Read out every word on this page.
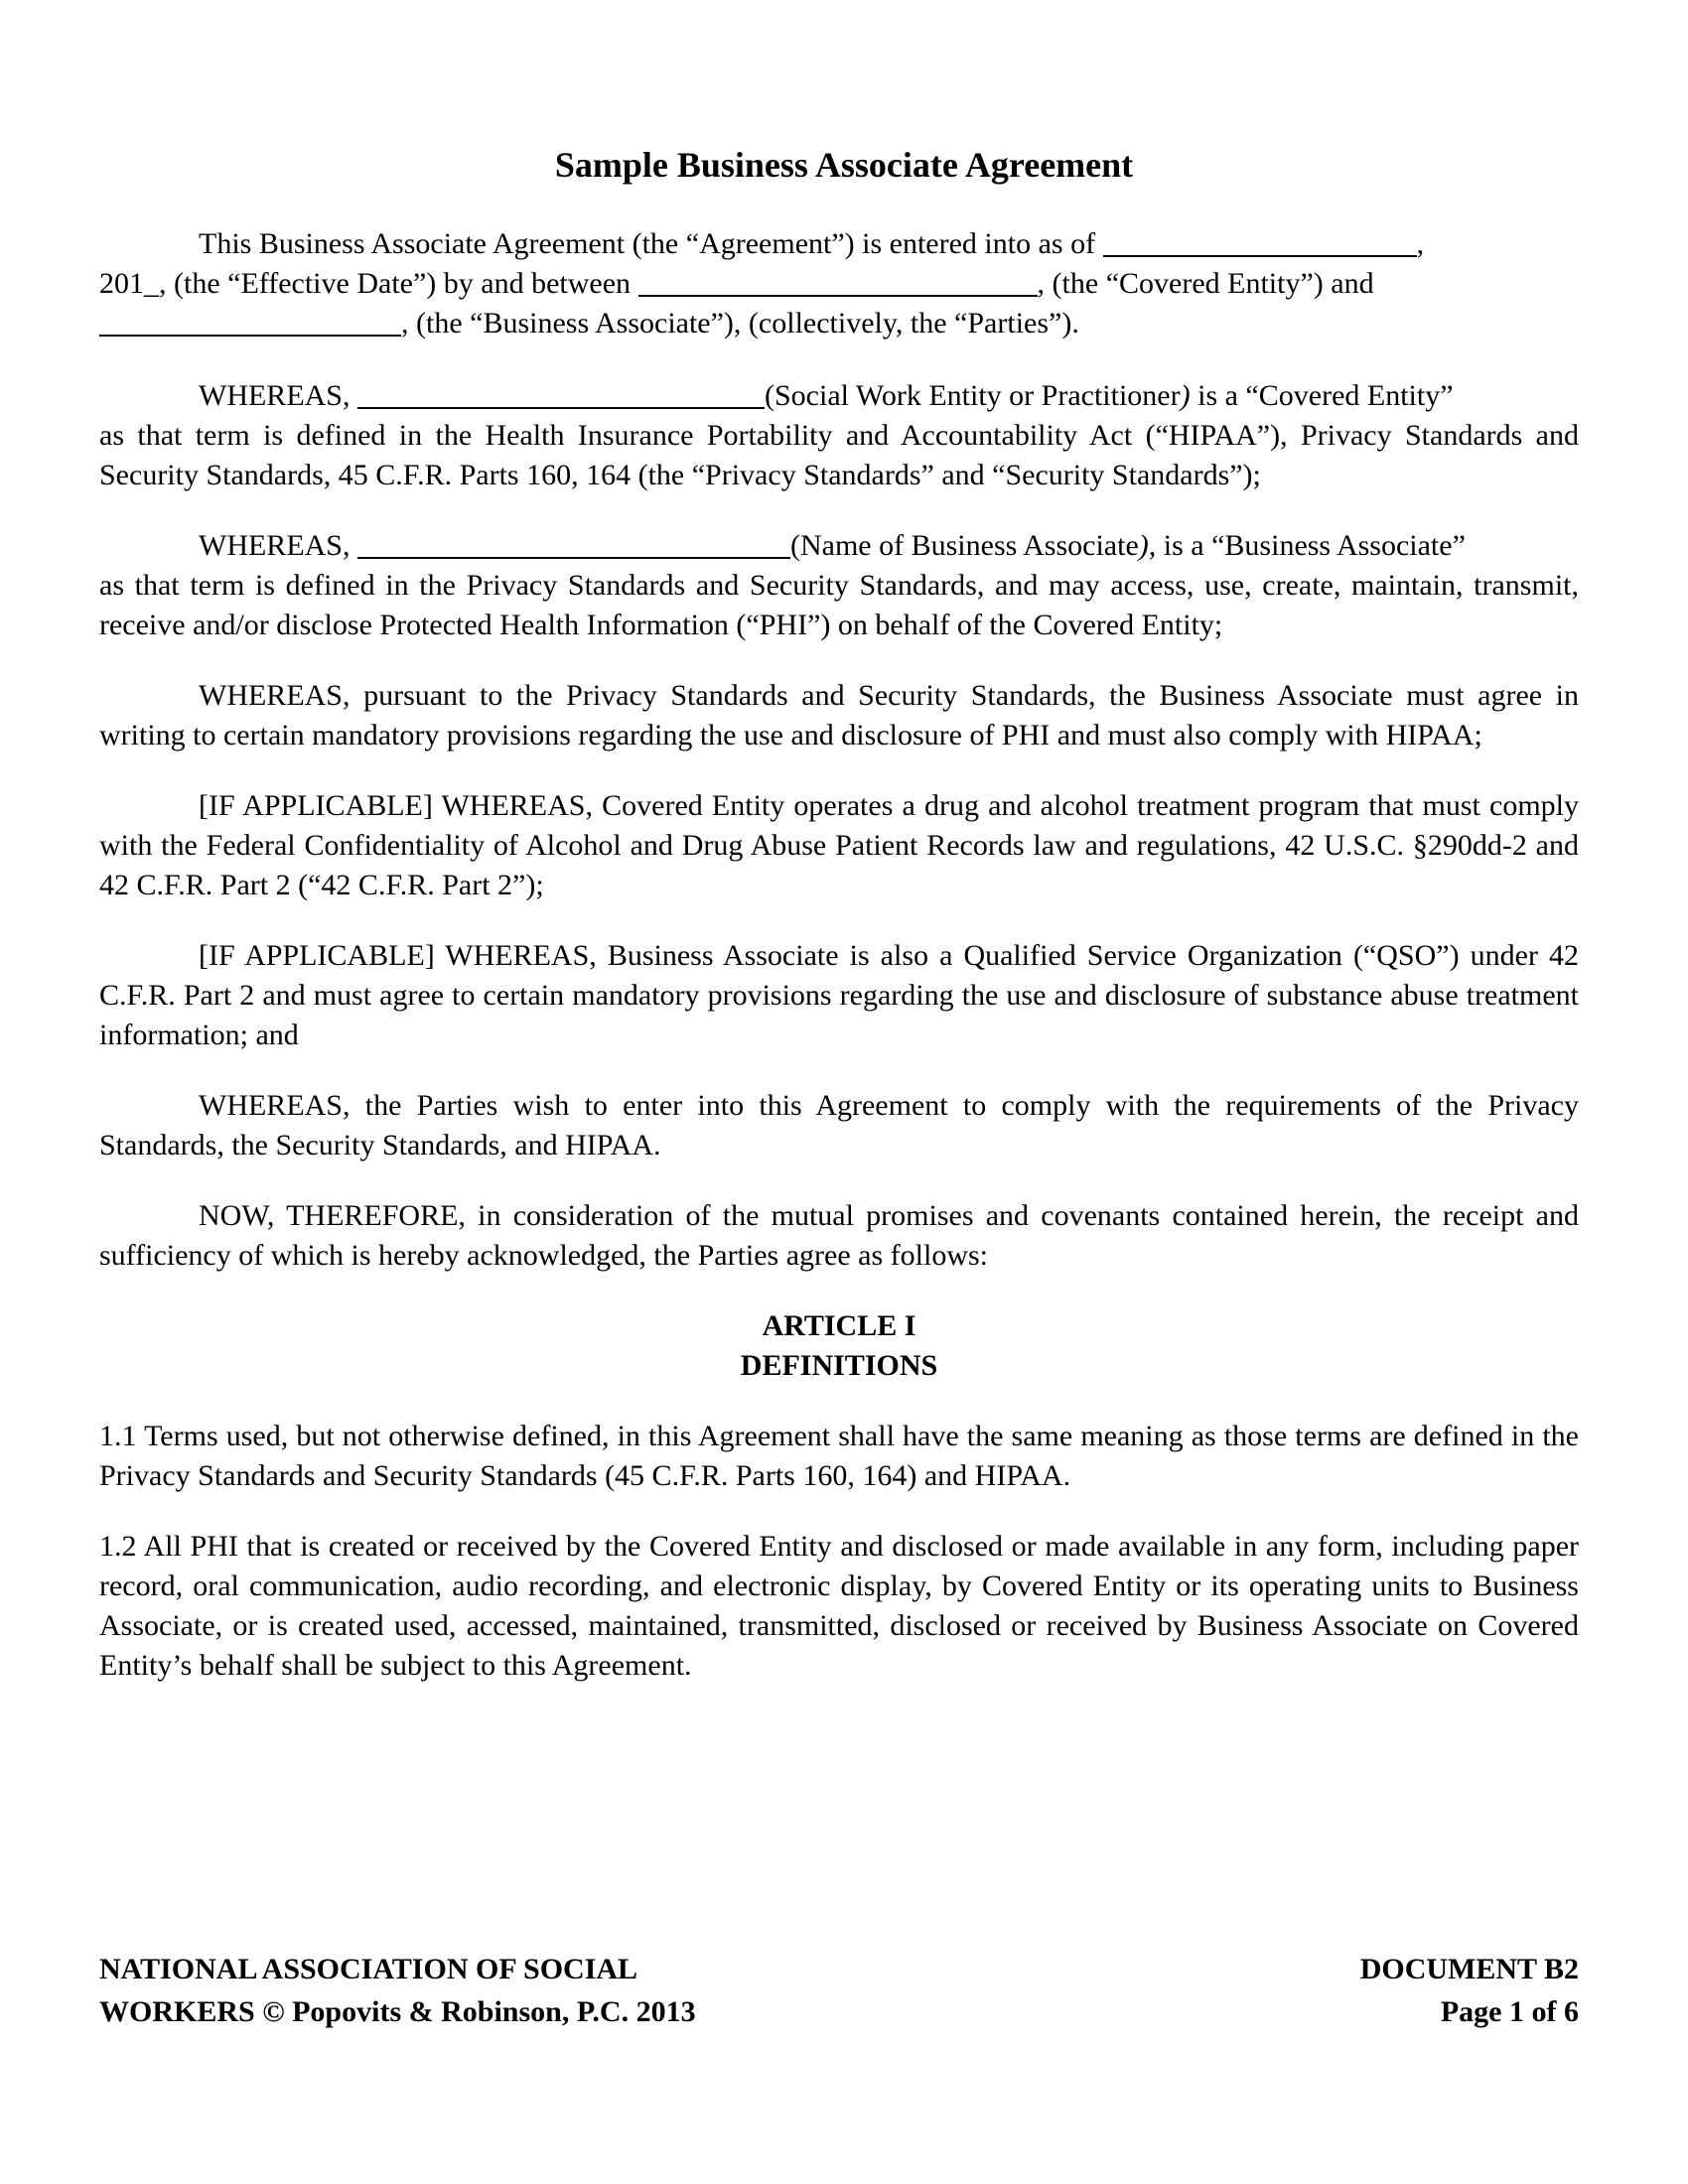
Sample Business Associate Agreement
This Business Associate Agreement (the “Agreement”) is entered into as of	,
201_, (the “Effective Date”) by and between	, (the “Covered Entity”) and
, (the “Business Associate”), (collectively, the “Parties”).
WHEREAS,	(Social Work Entity or Practitioner) is a “Covered Entity”
as that term is defined in the Health Insurance Portability and Accountability Act (“HIPAA”), Privacy Standards and Security Standards, 45 C.F.R. Parts 160, 164 (the “Privacy Standards” and “Security Standards”);
WHEREAS,	(Name of Business Associate), is a “Business Associate”
as that term is defined in the Privacy Standards and Security Standards, and may access, use, create, maintain, transmit, receive and/or disclose Protected Health Information (“PHI”) on behalf of the Covered Entity;

WHEREAS, pursuant to the Privacy Standards and Security Standards, the Business Associate must agree in writing to certain mandatory provisions regarding the use and disclosure of PHI and must also comply with HIPAA;

[IF APPLICABLE] WHEREAS, Covered Entity operates a drug and alcohol treatment program that must comply with the Federal Confidentiality of Alcohol and Drug Abuse Patient Records law and regulations, 42 U.S.C. §290dd-2 and 42 C.F.R. Part 2 (“42 C.F.R. Part 2”);

[IF APPLICABLE] WHEREAS, Business Associate is also a Qualified Service Organization (“QSO”) under 42 C.F.R. Part 2 and must agree to certain mandatory provisions regarding the use and disclosure of substance abuse treatment information; and

WHEREAS, the Parties wish to enter into this Agreement to comply with the requirements of the Privacy Standards, the Security Standards, and HIPAA.

NOW, THEREFORE, in consideration of the mutual promises and covenants contained herein, the receipt and sufficiency of which is hereby acknowledged, the Parties agree as follows:

ARTICLE I
DEFINITIONS

1.1 Terms used, but not otherwise defined, in this Agreement shall have the same meaning as those terms are defined in the Privacy Standards and Security Standards (45 C.F.R. Parts 160, 164) and HIPAA.

1.2 All PHI that is created or received by the Covered Entity and disclosed or made available in any form, including paper record, oral communication, audio recording, and electronic display, by Covered Entity or its operating units to Business Associate, or is created used, accessed, maintained, transmitted, disclosed or received by Business Associate on Covered Entity’s behalf shall be subject to this Agreement.

NATIONAL ASSOCIATION OF SOCIAL
WORKERS © Popovits & Robinson, P.C. 2013
DOCUMENT B2
Page 1 of 6
